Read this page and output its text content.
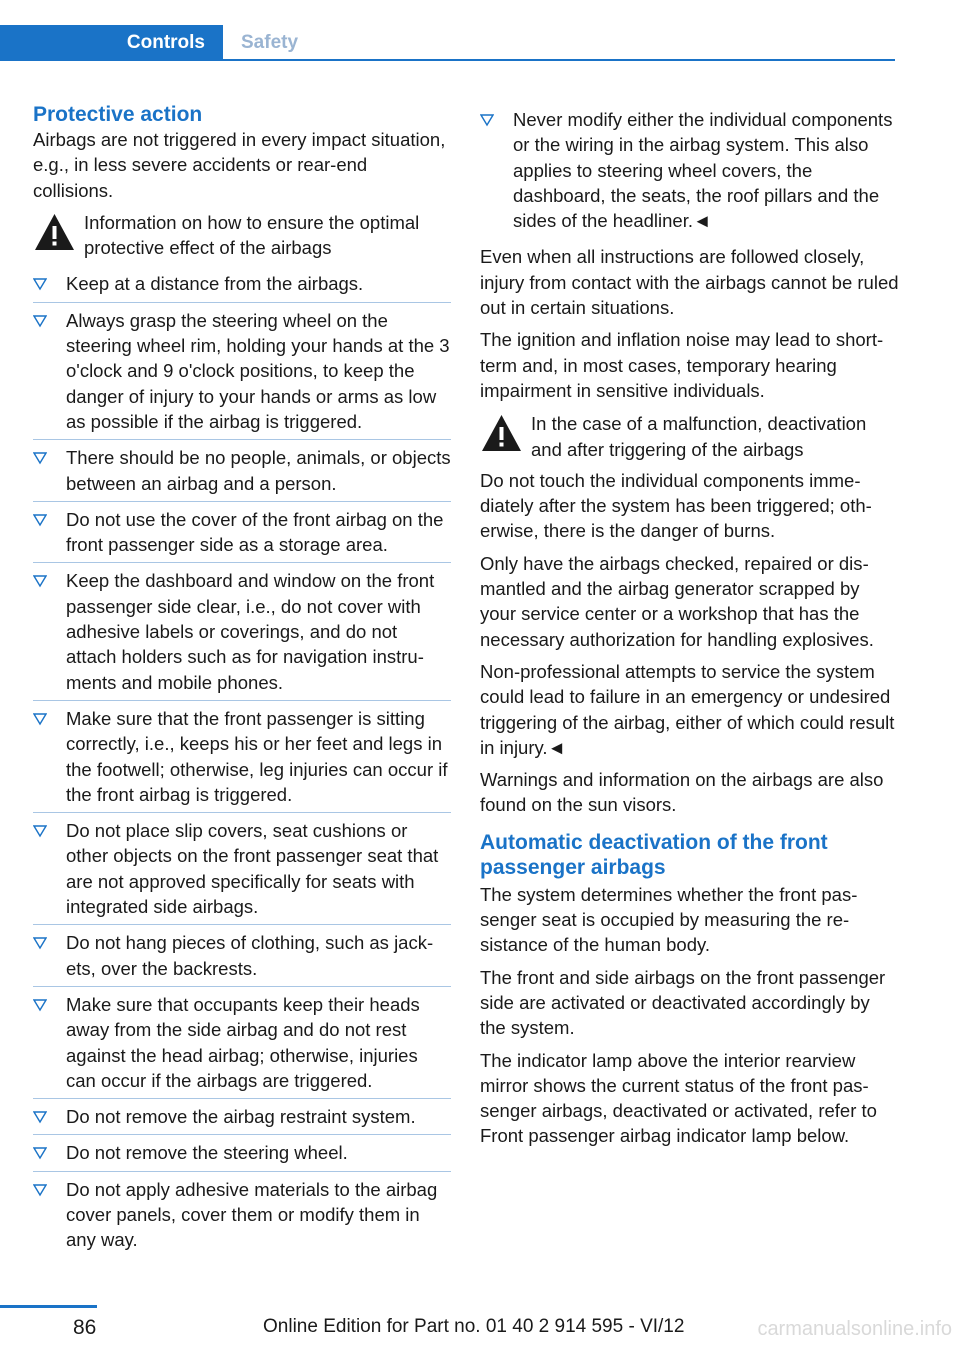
Controls	Safety
Protective action

Airbags are not triggered in every impact situation, e.g., in less severe accidents or rear-end collisions.

Information on how to ensure the optimal protective effect of the airbags
Keep at a distance from the airbags.
Always grasp the steering wheel on the steering wheel rim, holding your hands at the 3 o'clock and 9 o'clock positions, to keep the danger of injury to your hands or arms as low as possible if the airbag is triggered.
There should be no people, animals, or objects between an airbag and a person.
Do not use the cover of the front airbag on the front passenger side as a storage area.
Keep the dashboard and window on the front passenger side clear, i.e., do not cover with adhesive labels or coverings, and do not attach holders such as for navigation instruments and mobile phones.
Make sure that the front passenger is sitting correctly, i.e., keeps his or her feet and legs in the footwell; otherwise, leg injuries can occur if the front airbag is triggered.
Do not place slip covers, seat cushions or other objects on the front passenger seat that are not approved specifically for seats with integrated side airbags.
Do not hang pieces of clothing, such as jackets, over the backrests.
Make sure that occupants keep their heads away from the side airbag and do not rest against the head airbag; otherwise, injuries can occur if the airbags are triggered.
Do not remove the airbag restraint system.
Do not remove the steering wheel.
Do not apply adhesive materials to the airbag cover panels, cover them or modify them in any way.
Never modify either the individual components or the wiring in the airbag system. This also applies to steering wheel covers, the dashboard, the seats, the roof pillars and the sides of the headliner.◄

Even when all instructions are followed closely, injury from contact with the airbags cannot be ruled out in certain situations.

The ignition and inflation noise may lead to short-term and, in most cases, temporary hearing impairment in sensitive individuals.

In the case of a malfunction, deactivation and after triggering of the airbags

Do not touch the individual components immediately after the system has been triggered; otherwise, there is the danger of burns.

Only have the airbags checked, repaired or dismantled and the airbag generator scrapped by your service center or a workshop that has the necessary authorization for handling explosives.

Non-professional attempts to service the system could lead to failure in an emergency or undesired triggering of the airbag, either of which could result in injury.◄

Warnings and information on the airbags are also found on the sun visors.

Automatic deactivation of the front passenger airbags

The system determines whether the front passenger seat is occupied by measuring the resistance of the human body.

The front and side airbags on the front passenger side are activated or deactivated accordingly by the system.

The indicator lamp above the interior rearview mirror shows the current status of the front passenger airbags, deactivated or activated, refer to Front passenger airbag indicator lamp below.

86	Online Edition for Part no. 01 40 2 914 595 - VI/12	carmanualsonline.info
